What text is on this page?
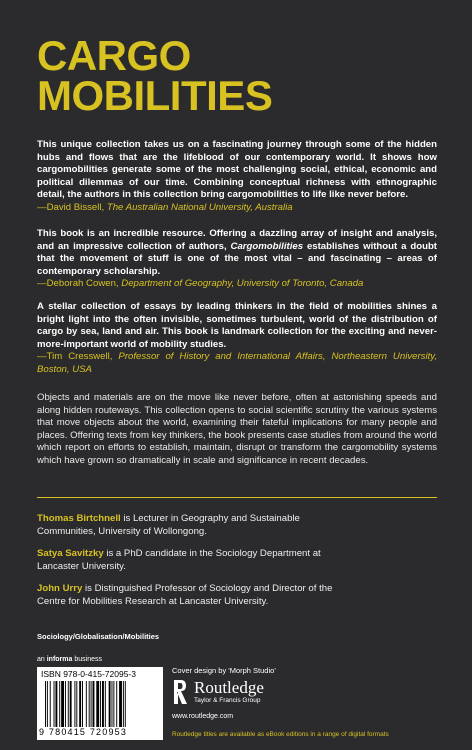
CARGO
MOBILITIES
This unique collection takes us on a fascinating journey through some of the hidden hubs and flows that are the lifeblood of our contemporary world. It shows how cargomobilities generate some of the most challenging social, ethical, economic and political dilemmas of our time. Combining conceptual richness with ethnographic detail, the authors in this collection bring cargomobilities to life like never before.
—David Bissell, The Australian National University, Australia
This book is an incredible resource. Offering a dazzling array of insight and analysis, and an impressive collection of authors, Cargomobilities establishes without a doubt that the movement of stuff is one of the most vital – and fascinating – areas of contemporary scholarship.
—Deborah Cowen, Department of Geography, University of Toronto, Canada
A stellar collection of essays by leading thinkers in the field of mobilities shines a bright light into the often invisible, sometimes turbulent, world of the distribution of cargo by sea, land and air. This book is landmark collection for the exciting and never-more-important world of mobility studies.
—Tim Cresswell, Professor of History and International Affairs, Northeastern University, Boston, USA
Objects and materials are on the move like never before, often at astonishing speeds and along hidden routeways. This collection opens to social scientific scrutiny the various systems that move objects about the world, examining their fateful implications for many people and places. Offering texts from key thinkers, the book presents case studies from around the world which report on efforts to establish, maintain, disrupt or transform the cargomobility systems which have grown so dramatically in scale and significance in recent decades.
Thomas Birtchnell is Lecturer in Geography and Sustainable Communities, University of Wollongong.
Satya Savitzky is a PhD candidate in the Sociology Department at Lancaster University.
John Urry is Distinguished Professor of Sociology and Director of the Centre for Mobilities Research at Lancaster University.
Sociology/Globalisation/Mobilities
an informa business
ISBN 978-0-415-72095-3
9 780415 720953
Cover design by 'Morph Studio'
Routledge
Taylor & Francis Group
www.routledge.com
Routledge titles are available as eBook editions in a range of digital formats
